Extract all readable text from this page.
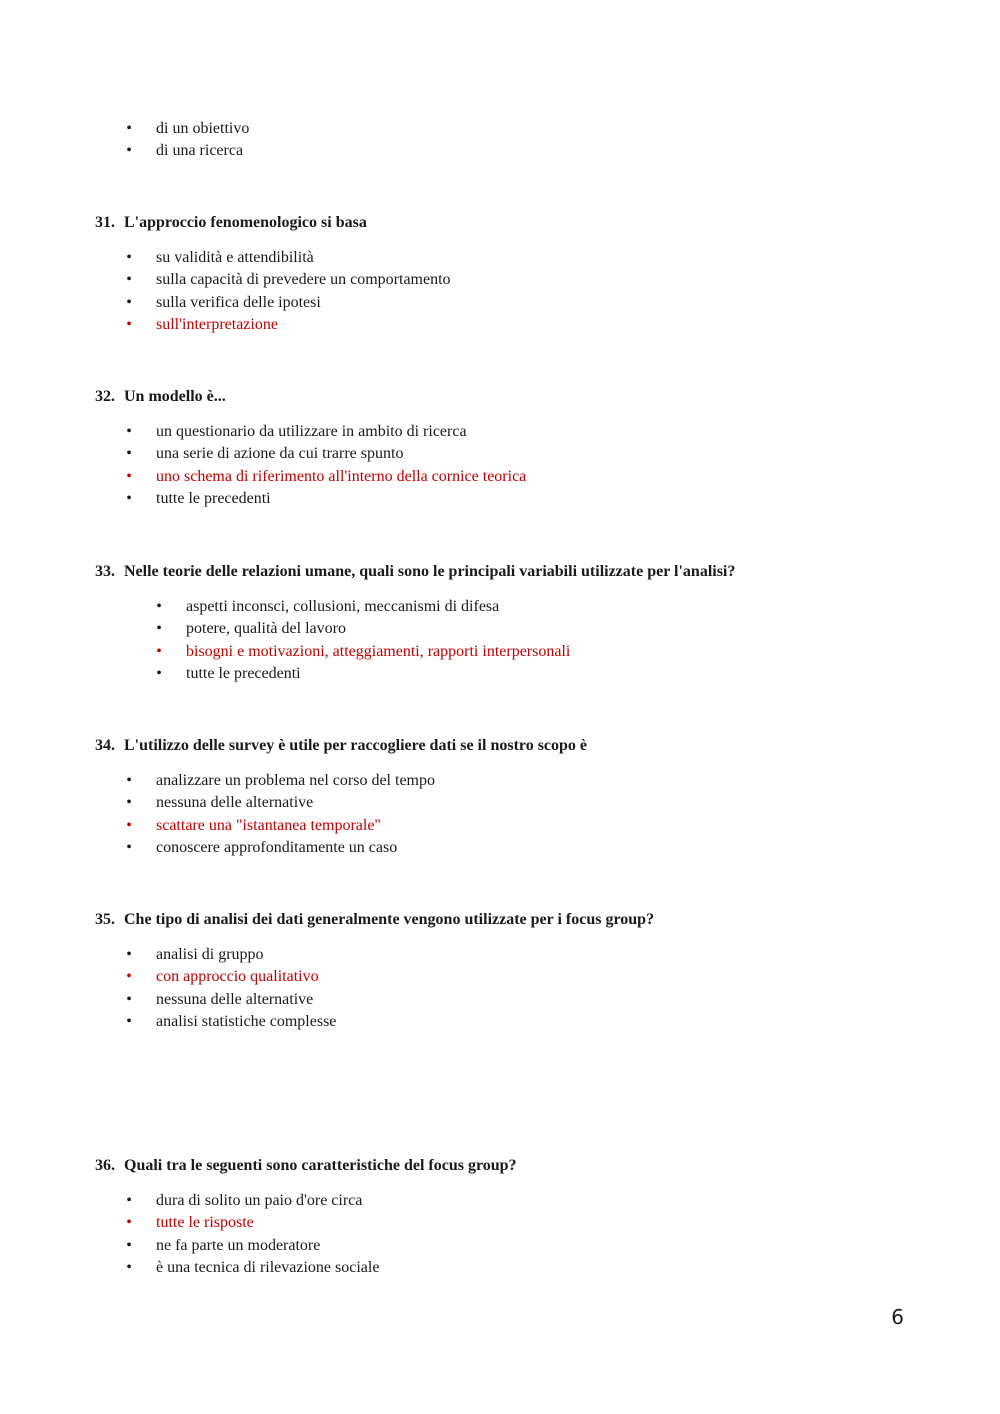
• di un obiettivo
• di una ricerca
31. L'approccio fenomenologico si basa
• su validità e attendibilità
• sulla capacità di prevedere un comportamento
• sulla verifica delle ipotesi
• sull'interpretazione
32. Un modello è...
• un questionario da utilizzare in ambito di ricerca
• una serie di azione da cui trarre spunto
• uno schema di riferimento all'interno della cornice teorica
• tutte le precedenti
33. Nelle teorie delle relazioni umane, quali sono le principali variabili utilizzate per l'analisi?
• aspetti inconsci, collusioni, meccanismi di difesa
• potere, qualità del lavoro
• bisogni e motivazioni, atteggiamenti, rapporti interpersonali
• tutte le precedenti
34. L'utilizzo delle survey è utile per raccogliere dati se il nostro scopo è
• analizzare un problema nel corso del tempo
• nessuna delle alternative
• scattare una "istantanea temporale"
• conoscere approfonditamente un caso
35. Che tipo di analisi dei dati generalmente vengono utilizzate per i focus group?
• analisi di gruppo
• con approccio qualitativo
• nessuna delle alternative
• analisi statistiche complesse
36. Quali tra le seguenti sono caratteristiche del focus group?
• dura di solito un paio d'ore circa
• tutte le risposte
• ne fa parte un moderatore
• è una tecnica di rilevazione sociale
6
